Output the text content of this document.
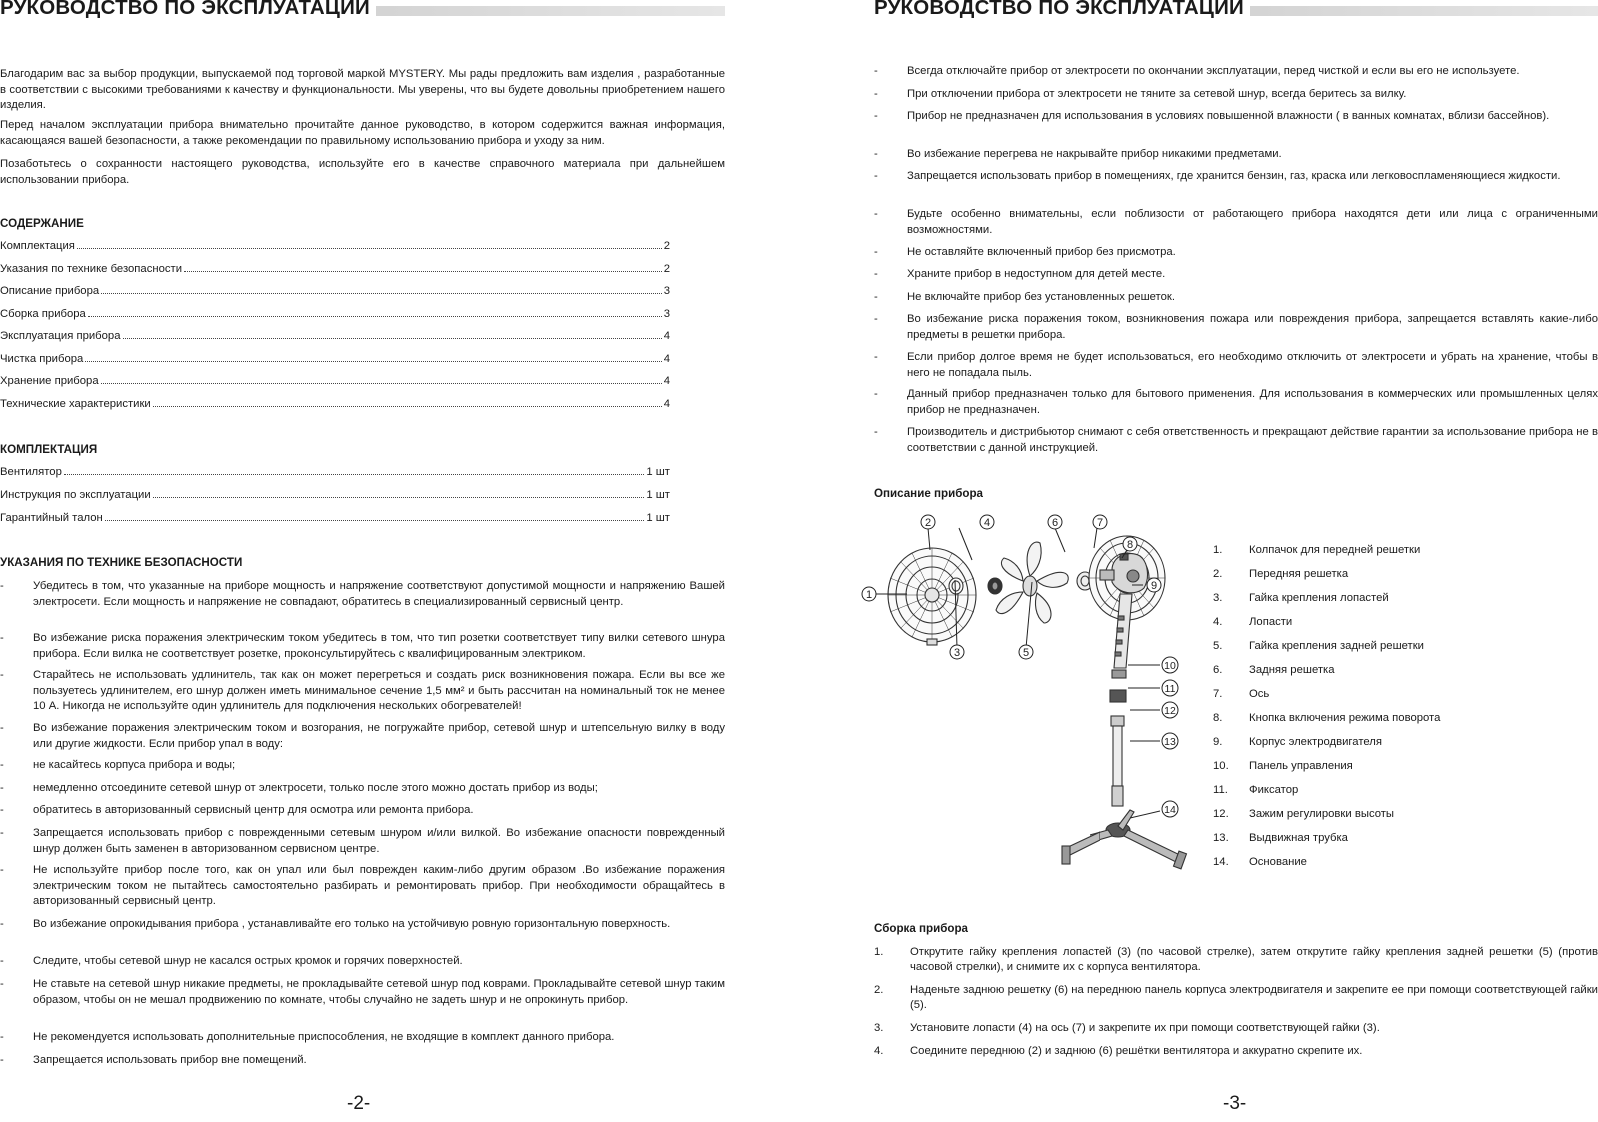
РУКОВОДСТВО ПО ЭКСПЛУАТАЦИИ

Благодарим вас за выбор продукции, выпускаемой под торговой маркой MYSTERY. Мы рады предложить вам изделия , разработанные в соответствии с высокими требованиями к качеству и функциональности. Мы уверены, что вы будете довольны приобретением нашего изделия.

Перед началом эксплуатации прибора внимательно прочитайте данное руководство, в котором содержится важная информация, касающаяся вашей безопасности, а также рекомендации по правильному использованию прибора и уходу за ним.

Позаботьтесь о сохранности настоящего руководства, используйте его в качестве справочного материала при дальнейшем использовании прибора.

СОДЕРЖАНИЕ
Комплектация	2
Указания по технике безопасности	2
Описание прибора	3
Сборка прибора	3
Эксплуатация прибора	4
Чистка прибора	4
Хранение прибора	4
Технические характеристики	4
КОМПЛЕКТАЦИЯ
Вентилятор	1 шт
Инструкция по эксплуатации	1 шт
Гарантийный талон	1 шт
УКАЗАНИЯ ПО ТЕХНИКЕ БЕЗОПАСНОСТИ
-	Убедитесь в том, что указанные на приборе мощность и напряжение соответствуют допустимой мощности и напряжению Вашей электросети. Если мощность и напряжение не совпадают, обратитесь в специализированный сервисный центр.
-	Во избежание риска поражения электрическим током убедитесь в том, что тип розетки соответствует типу вилки сетевого шнура прибора. Если вилка не соответствует розетке, проконсультируйтесь с квалифицированным электриком.
-	Старайтесь не использовать удлинитель, так как он может перегреться и создать риск возникновения пожара. Если вы все же пользуетесь удлинителем, его шнур должен иметь минимальное сечение 1,5 мм² и быть рассчитан на номинальный ток не менее 10 А. Никогда не используйте один удлинитель для подключения нескольких обогревателей!
-	Во избежание поражения электрическим током и возгорания, не погружайте прибор, сетевой шнур и штепсельную вилку в воду или другие жидкости. Если прибор упал в воду:
-	не касайтесь корпуса прибора и воды;
-	немедленно отсоедините сетевой шнур от электросети, только после этого можно достать прибор из воды;
-	обратитесь в авторизованный сервисный центр для осмотра или ремонта прибора.
-	Запрещается использовать прибор с поврежденными сетевым шнуром и/или вилкой. Во избежание опасности поврежденный шнур должен быть заменен в авторизованном сервисном центре.
-	Не используйте прибор после того, как он упал или был поврежден каким-либо другим образом .Во избежание поражения электрическим током не пытайтесь самостоятельно разбирать и ремонтировать прибор. При необходимости обращайтесь в авторизованный сервисный центр.
-	Во избежание опрокидывания прибора , устанавливайте его только на устойчивую ровную горизонтальную поверхность.
-	Следите, чтобы сетевой шнур не касался острых кромок и горячих поверхностей.
-	Не ставьте на сетевой шнур никакие предметы, не прокладывайте сетевой шнур под коврами. Прокладывайте сетевой шнур таким образом, чтобы он не мешал продвижению по комнате, чтобы случайно не задеть шнур и не опрокинуть прибор.
-	Не рекомендуется использовать дополнительные приспособления, не входящие в комплект данного прибора.
-	Запрещается использовать прибор вне помещений.
-2-
РУКОВОДСТВО ПО ЭКСПЛУАТАЦИИ
-	Всегда отключайте прибор от электросети по окончании эксплуатации, перед чисткой и если вы его не используете.
-	При отключении прибора от электросети не тяните за сетевой шнур, всегда беритесь за вилку.
-	Прибор не предназначен для использования в условиях повышенной влажности ( в ванных комнатах, вблизи бассейнов).
-	Во избежание перегрева не накрывайте прибор никакими предметами.
-	Запрещается использовать прибор в помещениях, где хранится бензин, газ, краска или легковоспламеняющиеся жидкости.
-	Будьте особенно внимательны, если поблизости от работающего прибора находятся дети или лица с ограниченными возможностями.
-	Не оставляйте включенный прибор без присмотра.
-	Храните прибор в недоступном для детей месте.
-	Не включайте прибор без установленных решеток.
-	Во избежание риска поражения током, возникновения пожара или повреждения прибора, запрещается вставлять какие-либо предметы в решетки прибора.
-	Если прибор долгое время не будет использоваться, его необходимо отключить от электросети и убрать на хранение, чтобы в него не попадала пыль.
-	Данный прибор предназначен только для бытового применения. Для использования в коммерческих или промышленных целях прибор не предназначен.
-	Производитель и дистрибьютор снимают с себя ответственность и прекращают действие гарантии за использование прибора не в соответствии с данной инструкцией.
Описание прибора
Сборка прибора
1. Открутите гайку крепления лопастей (3) (по часовой стрелке), затем открутите гайку крепления задней решетки (5) (против часовой стрелки), и снимите их с корпуса вентилятора.
2. Наденьте заднюю решетку (6) на переднюю панель корпуса электродвигателя и закрепите ее при помощи соответствующей гайки (5).
3. Установите лопасти (4) на ось (7) и закрепите их при помощи соответствующей гайки (3).
4. Соедините переднюю (2) и заднюю (6) решётки вентилятора и аккуратно скрепите их.
-3-
1
2
3
4
5
6	7
8
9
10
11
12
13
14
1. Колпачок для передней решетки
2. Передняя решетка
3. Гайка крепления лопастей
4. Лопасти
5. Гайка крепления задней решетки
6. Задняя решетка
7. Ось
8. Кнопка включения режима поворота
9. Корпус электродвигателя
10. Панель управления
11. Фиксатор
12. Зажим регулировки высоты
13. Выдвижная трубка
14. Основание
